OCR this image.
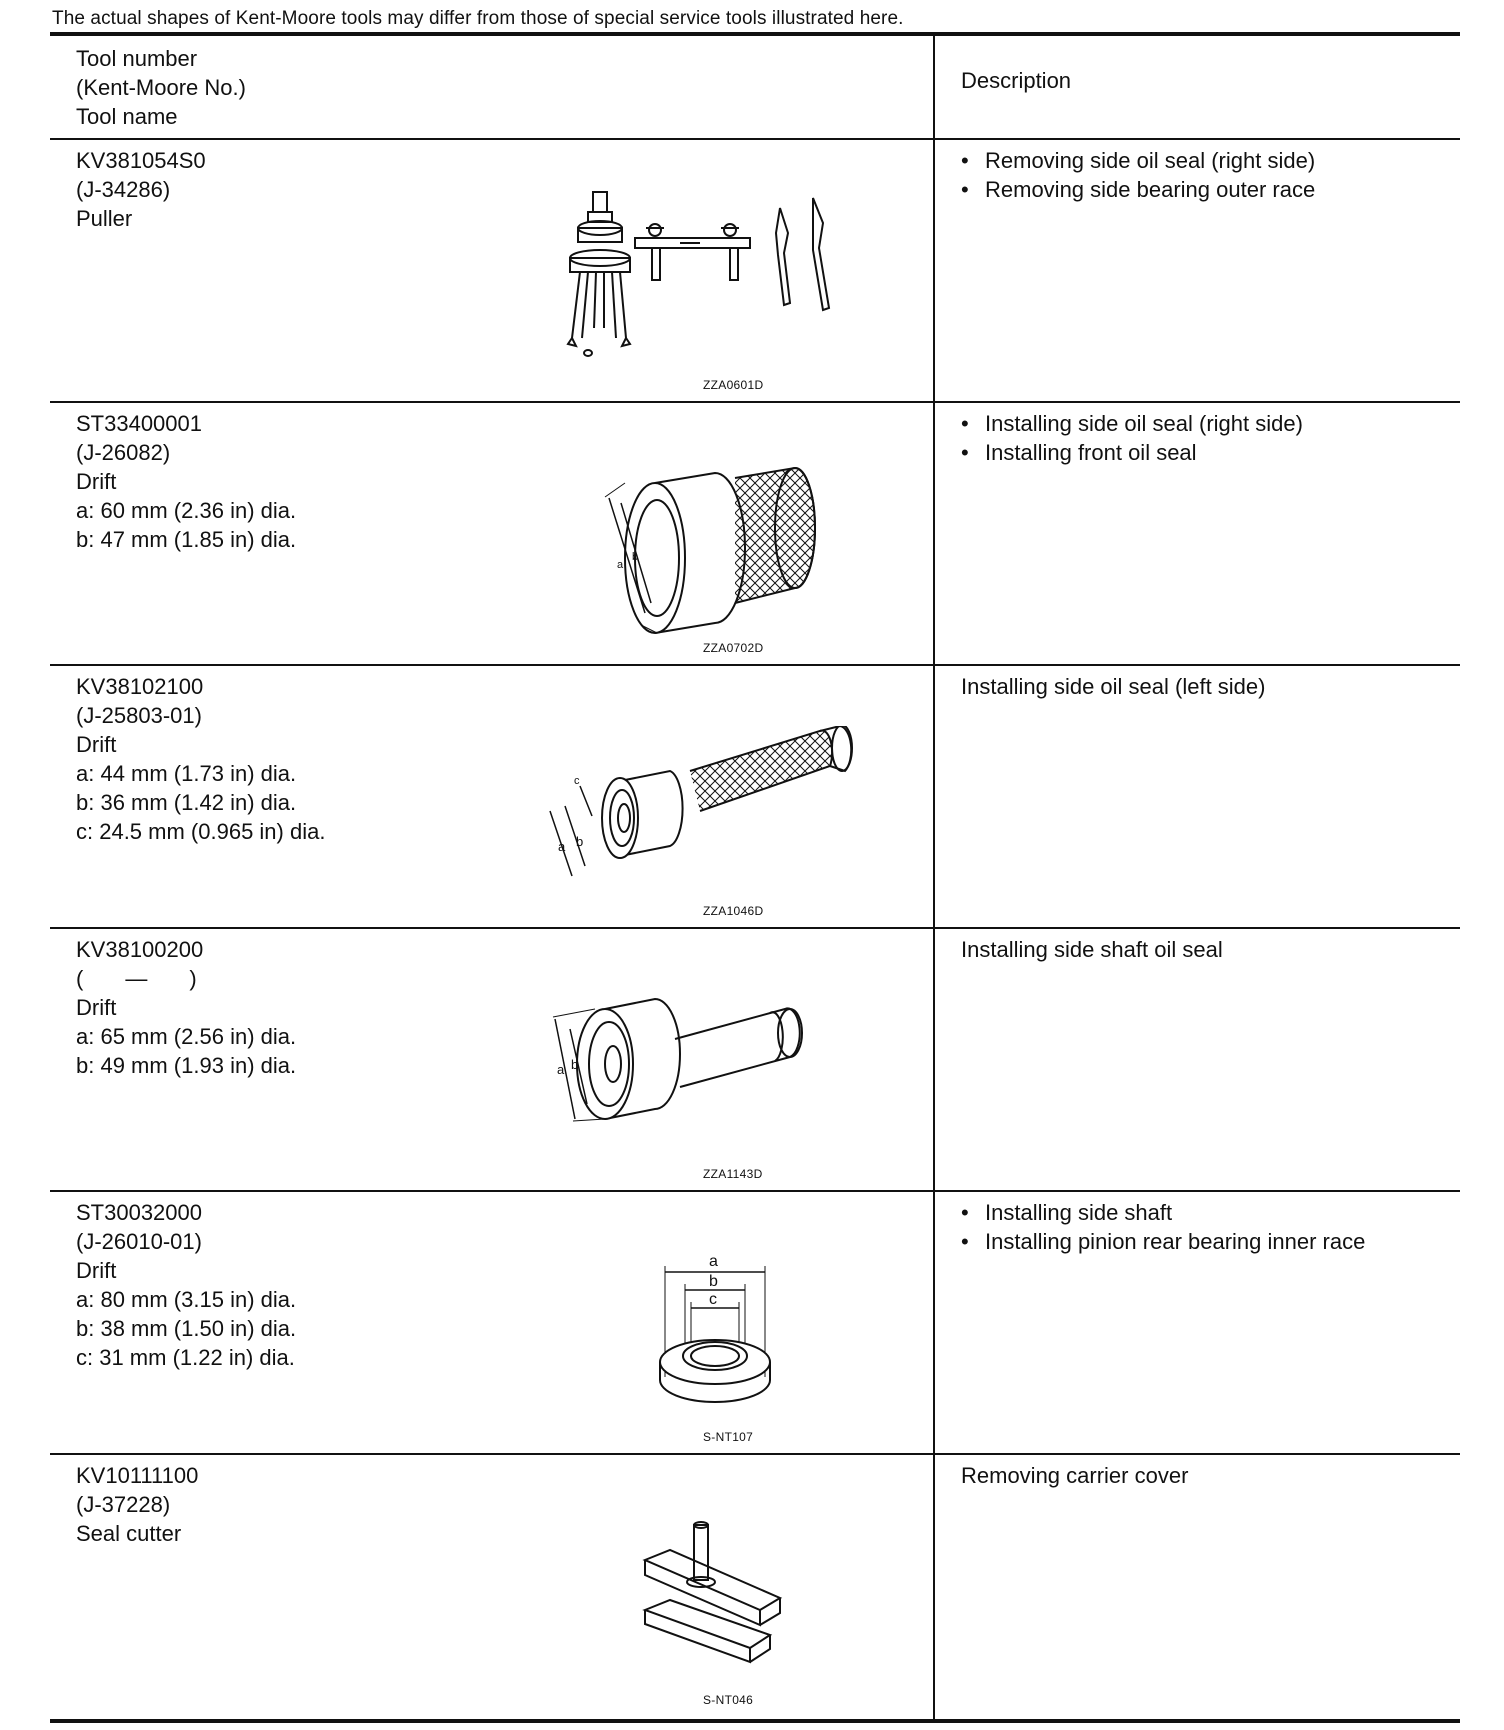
The actual shapes of Kent-Moore tools may differ from those of special service tools illustrated here.
Tool number
(Kent-Moore No.)
Tool name
Description
KV381054S0
(J-34286)
Puller
ZZA0601D
• Removing side oil seal (right side)
• Removing side bearing outer race
ST33400001
(J-26082)
Drift
a: 60 mm (2.36 in) dia.
b: 47 mm (1.85 in) dia.
a
b
ZZA0702D
• Installing side oil seal (right side)
• Installing front oil seal
KV38102100
(J-25803-01)
Drift
a: 44 mm (1.73 in) dia.
b: 36 mm (1.42 in) dia.
c: 24.5 mm (0.965 in) dia.
c
a b
ZZA1046D
Installing side oil seal (left side)
KV38100200
( — )
Drift
a: 65 mm (2.56 in) dia.
b: 49 mm (1.93 in) dia.	a b
ZZA1143D
Installing side shaft oil seal
ST30032000
(J-26010-01)
Drift
a: 80 mm (3.15 in) dia.
b: 38 mm (1.50 in) dia.
c: 31 mm (1.22 in) dia.
a
b
c
S-NT107
• Installing side shaft
• Installing pinion rear bearing inner race
KV10111100
(J-37228)
Seal cutter
S-NT046
Removing carrier cover
